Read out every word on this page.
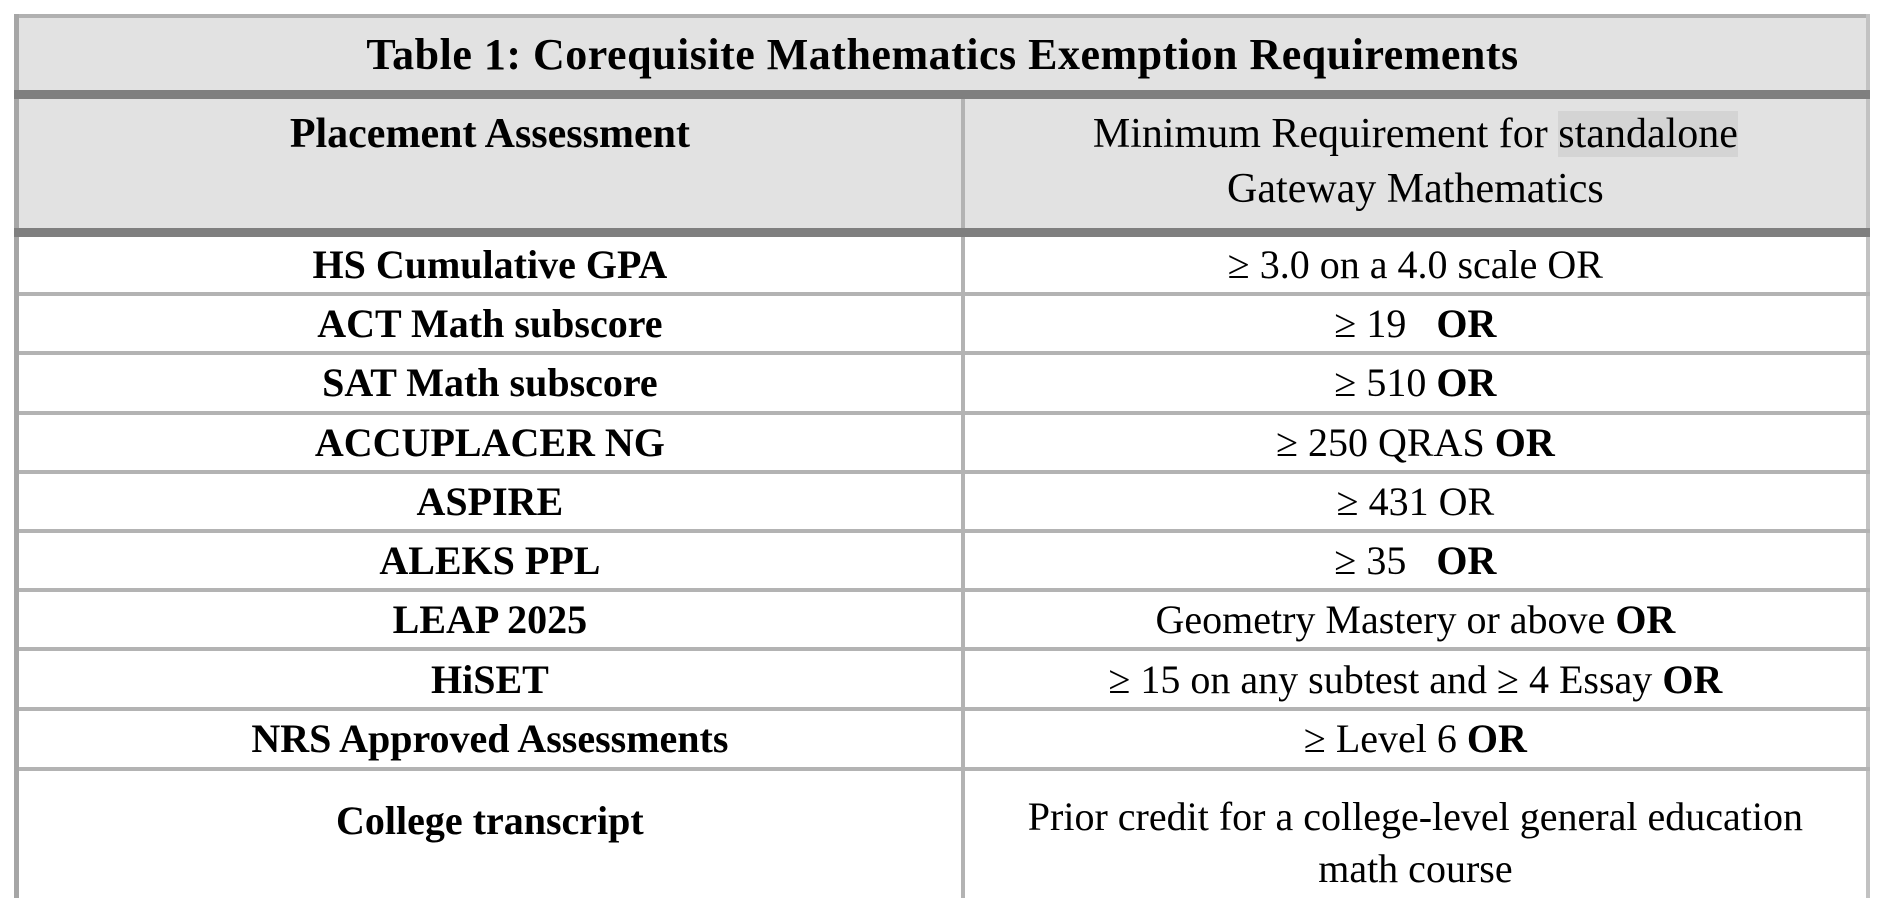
Table 1: Corequisite Mathematics Exemption Requirements	
Placement Assessment	Minimum Requirement for standalone
Gateway Mathematics
HS Cumulative GPA	≥ 3.0 on a 4.0 scale OR
ACT Math subscore	≥ 19   OR
SAT Math subscore	≥ 510 OR
ACCUPLACER NG	≥ 250 QRAS OR
ASPIRE	≥ 431 OR
ALEKS PPL	≥ 35   OR
LEAP 2025	Geometry Mastery or above OR
HiSET	≥ 15 on any subtest and ≥ 4 Essay OR
NRS Approved Assessments	≥ Level 6 OR
College transcript	Prior credit for a college-level general education math course
